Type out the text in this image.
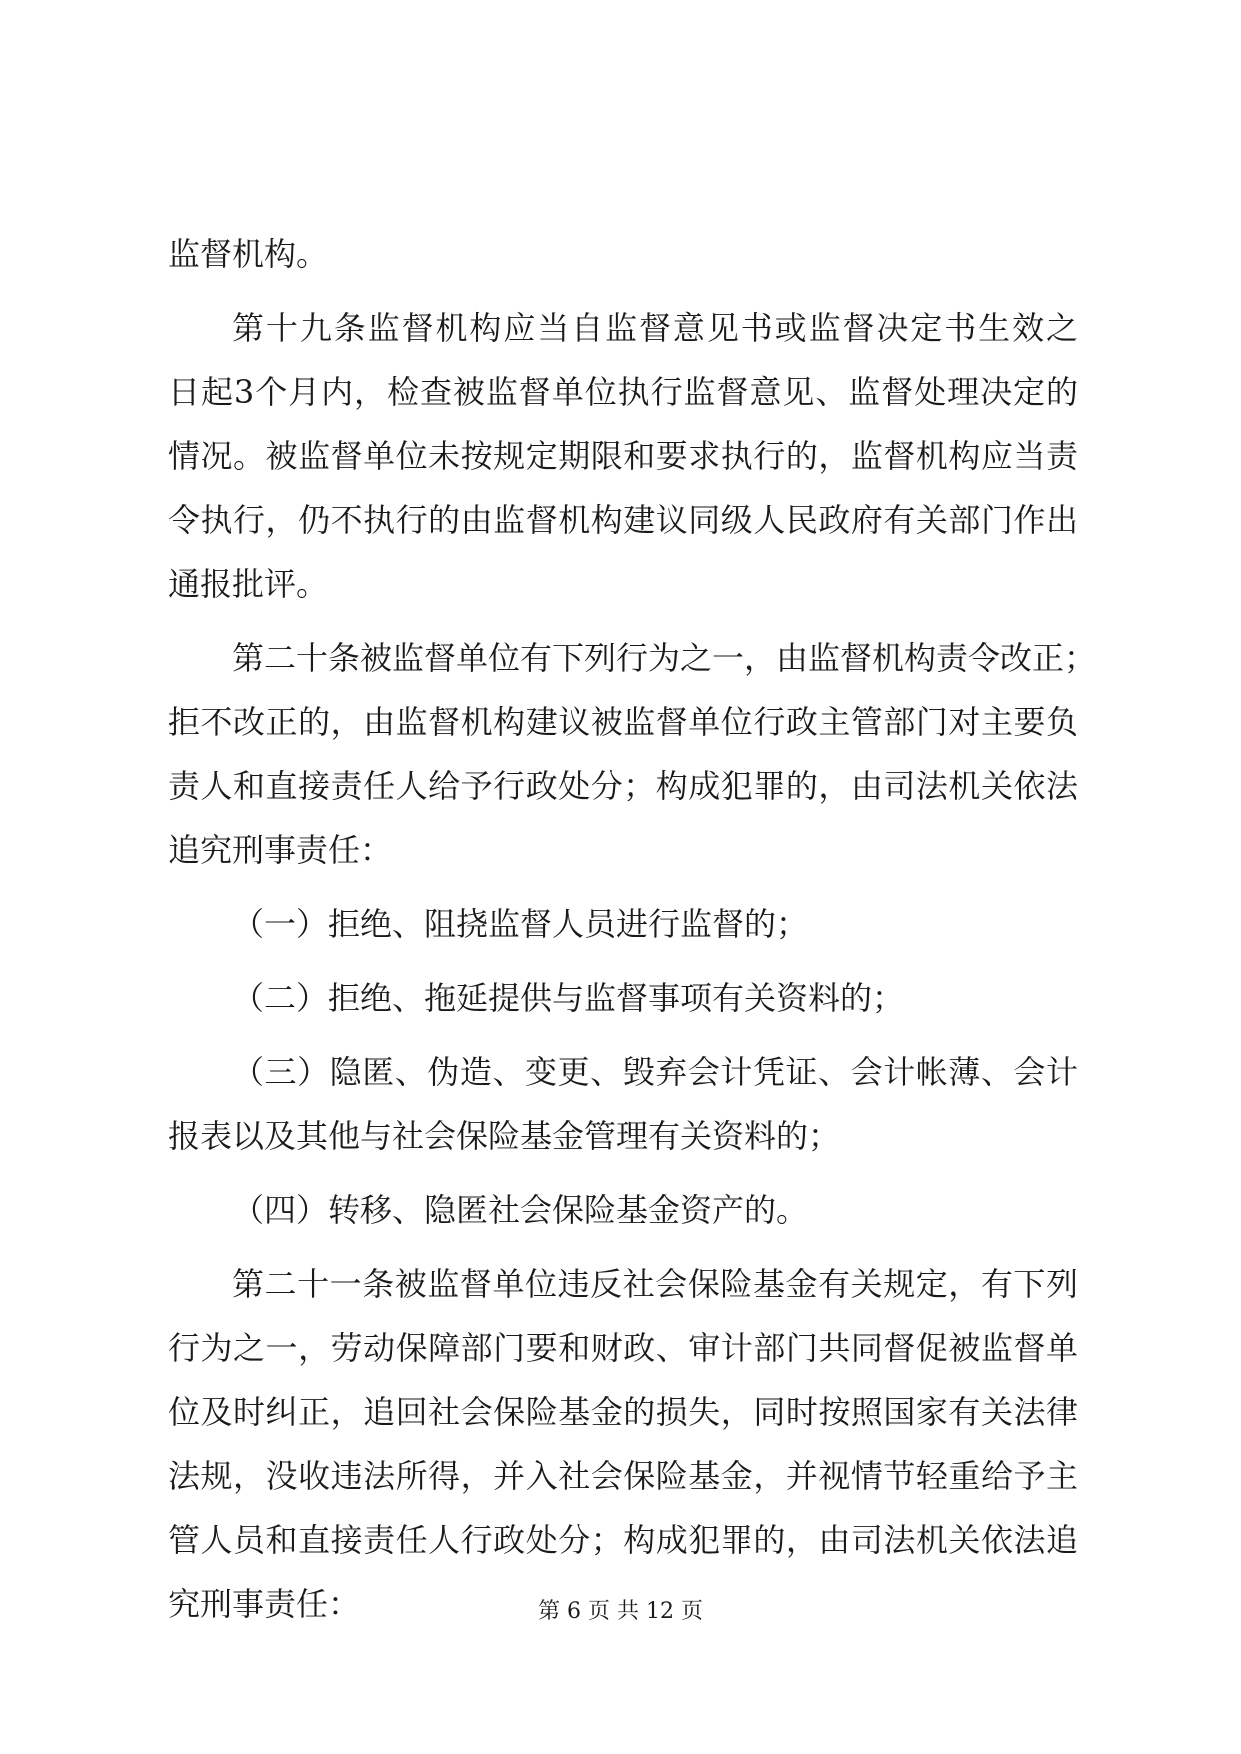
监督机构。

第十九条监督机构应当自监督意见书或监督决定书生效之

日起3个月内，检查被监督单位执行监督意见、监督处理决定的

情况。被监督单位未按规定期限和要求执行的，监督机构应当责

令执行，仍不执行的由监督机构建议同级人民政府有关部门作出

通报批评。

第二十条被监督单位有下列行为之一，由监督机构责令改正；

拒不改正的，由监督机构建议被监督单位行政主管部门对主要负

责人和直接责任人给予行政处分；构成犯罪的，由司法机关依法

追究刑事责任：

（一）拒绝、阻挠监督人员进行监督的；

（二）拒绝、拖延提供与监督事项有关资料的；

（三）隐匿、伪造、变更、毁弃会计凭证、会计帐薄、会计

报表以及其他与社会保险基金管理有关资料的；

（四）转移、隐匿社会保险基金资产的。

第二十一条被监督单位违反社会保险基金有关规定，有下列

行为之一，劳动保障部门要和财政、审计部门共同督促被监督单

位及时纠正，追回社会保险基金的损失，同时按照国家有关法律

法规，没收违法所得，并入社会保险基金，并视情节轻重给予主

管人员和直接责任人行政处分；构成犯罪的，由司法机关依法追

究刑事责任：	第 6 页 共 12 页
